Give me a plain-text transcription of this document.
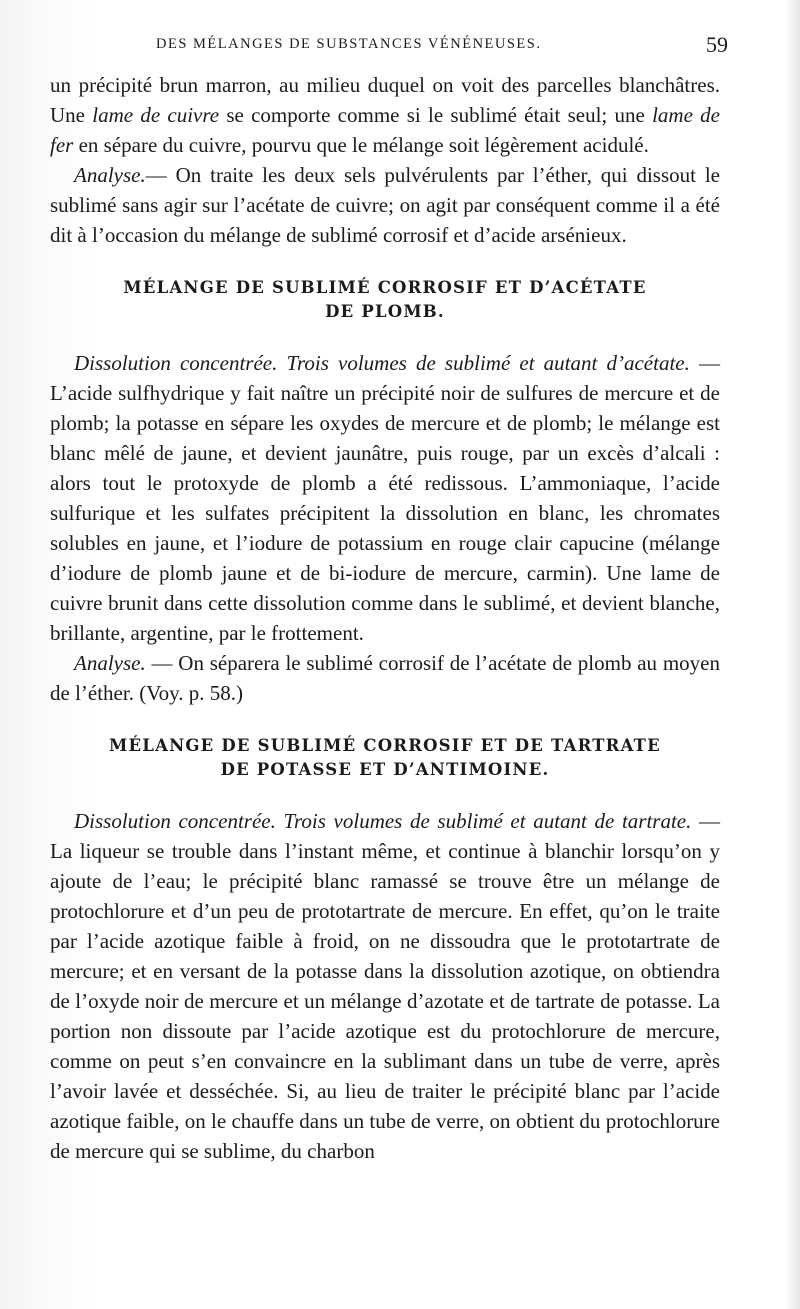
DES MÉLANGES DE SUBSTANCES VÉNÉNEUSES.	59

un précipité brun marron, au milieu duquel on voit des parcelles blanchâtres. Une lame de cuivre se comporte comme si le sublimé était seul; une lame de fer en sépare du cuivre, pourvu que le mélange soit légèrement acidulé.

Analyse.— On traite les deux sels pulvérulents par l’éther, qui dissout le sublimé sans agir sur l’acétate de cuivre; on agit par conséquent comme il a été dit à l’occasion du mélange de sublimé corrosif et d’acide arsénieux.

MÉLANGE DE SUBLIMÉ CORROSIF ET D’ACÉTATE
DE PLOMB.

Dissolution concentrée. Trois volumes de sublimé et autant d’acétate. — L’acide sulfhydrique y fait naître un précipité noir de sulfures de mercure et de plomb; la potasse en sépare les oxydes de mercure et de plomb; le mélange est blanc mêlé de jaune, et devient jaunâtre, puis rouge, par un excès d’alcali : alors tout le protoxyde de plomb a été redissous. L’ammoniaque, l’acide sulfurique et les sulfates précipitent la dissolution en blanc, les chromates solubles en jaune, et l’iodure de potassium en rouge clair capucine (mélange d’iodure de plomb jaune et de bi-iodure de mercure, carmin). Une lame de cuivre brunit dans cette dissolution comme dans le sublimé, et devient blanche, brillante, argentine, par le frottement.

Analyse. — On séparera le sublimé corrosif de l’acétate de plomb au moyen de l’éther. (Voy. p. 58.)

MÉLANGE DE SUBLIMÉ CORROSIF ET DE TARTRATE
DE POTASSE ET D’ANTIMOINE.

Dissolution concentrée. Trois volumes de sublimé et autant de tartrate. — La liqueur se trouble dans l’instant même, et continue à blanchir lorsqu’on y ajoute de l’eau; le précipité blanc ramassé se trouve être un mélange de protochlorure et d’un peu de prototartrate de mercure. En effet, qu’on le traite par l’acide azotique faible à froid, on ne dissoudra que le prototartrate de mercure; et en versant de la potasse dans la dissolution azotique, on obtiendra de l’oxyde noir de mercure et un mélange d’azotate et de tartrate de potasse. La portion non dissoute par l’acide azotique est du protochlorure de mercure, comme on peut s’en convaincre en la sublimant dans un tube de verre, après l’avoir lavée et desséchée. Si, au lieu de traiter le précipité blanc par l’acide azotique faible, on le chauffe dans un tube de verre, on obtient du protochlorure de mercure qui se sublime, du charbon
